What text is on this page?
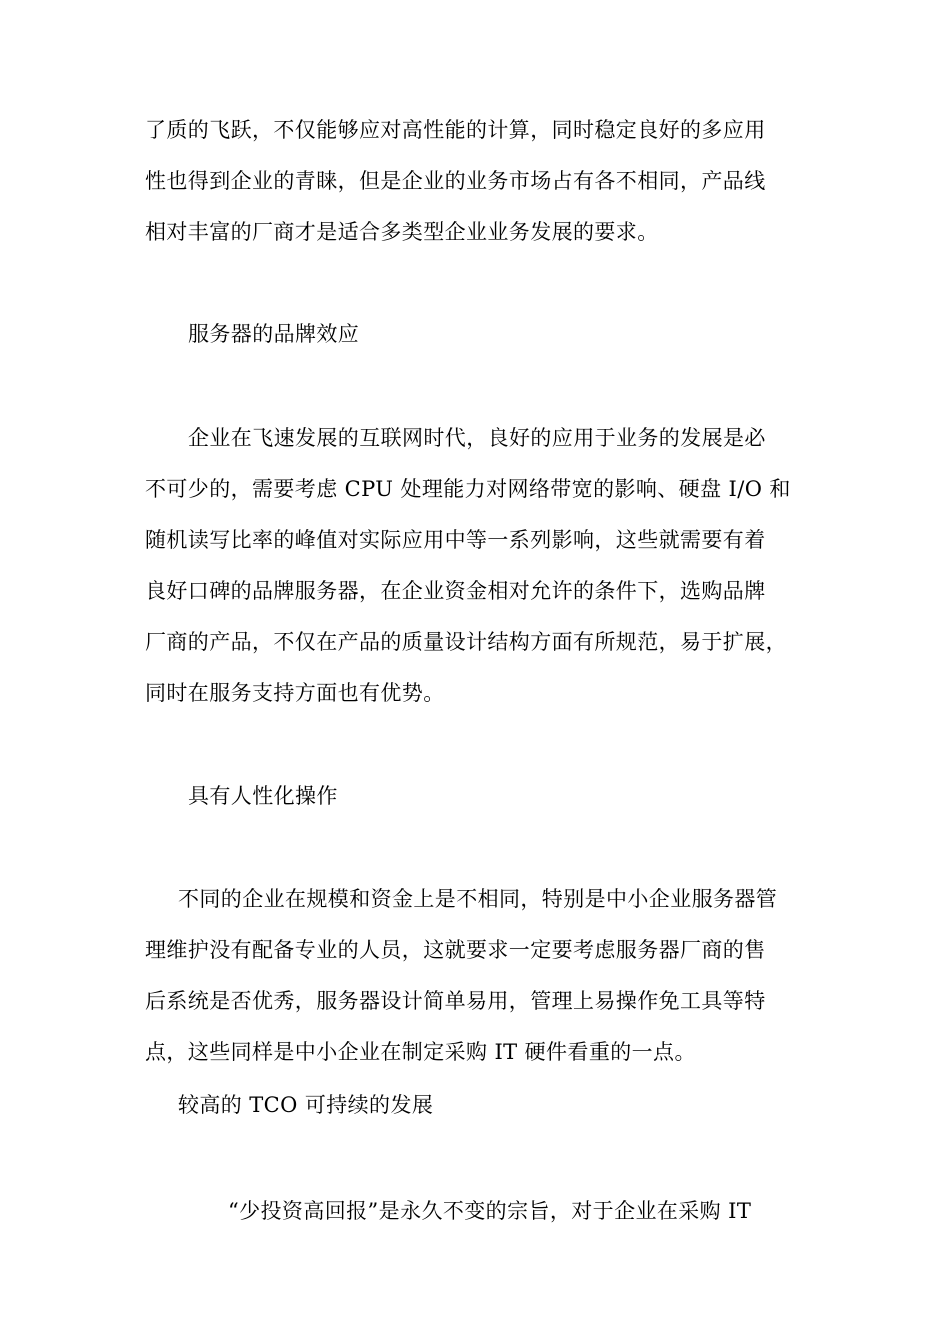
了质的飞跃，不仅能够应对高性能的计算，同时稳定良好的多应用
性也得到企业的青睐，但是企业的业务市场占有各不相同，产品线
相对丰富的厂商才是适合多类型企业业务发展的要求。
服务器的品牌效应
企业在飞速发展的互联网时代，良好的应用于业务的发展是必
不可少的，需要考虑 CPU 处理能力对网络带宽的影响、硬盘 I/O 和
随机读写比率的峰值对实际应用中等一系列影响，这些就需要有着
良好口碑的品牌服务器，在企业资金相对允许的条件下，选购品牌
厂商的产品，不仅在产品的质量设计结构方面有所规范，易于扩展，
同时在服务支持方面也有优势。
具有人性化操作
不同的企业在规模和资金上是不相同，特别是中小企业服务器管
理维护没有配备专业的人员，这就要求一定要考虑服务器厂商的售
后系统是否优秀，服务器设计简单易用，管理上易操作免工具等特
点，这些同样是中小企业在制定采购 IT 硬件看重的一点。
较高的 TCO 可持续的发展
“少投资高回报”是永久不变的宗旨，对于企业在采购 IT
